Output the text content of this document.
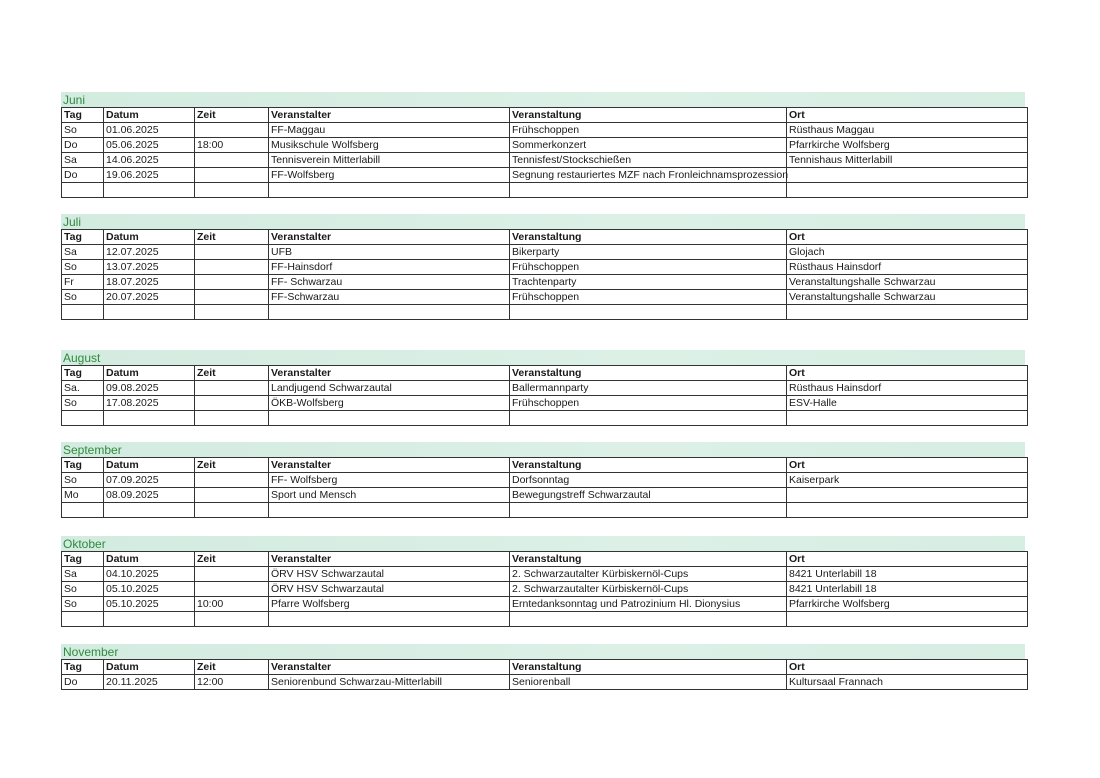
Juni
Tag	Datum	Zeit	Veranstalter	Veranstaltung	Ort
So	01.06.2025		FF-Maggau	Frühschoppen	Rüsthaus Maggau
Do	05.06.2025	18:00	Musikschule Wolfsberg	Sommerkonzert	Pfarrkirche Wolfsberg
Sa	14.06.2025		Tennisverein Mitterlabill	Tennisfest/Stockschießen	Tennishaus Mitterlabill
Do	19.06.2025		FF-Wolfsberg	Segnung restauriertes MZF nach Fronleichnamsprozession	

Juli
Tag	Datum	Zeit	Veranstalter	Veranstaltung	Ort
Sa	12.07.2025		UFB	Bikerparty	Glojach
So	13.07.2025		FF-Hainsdorf	Frühschoppen	Rüsthaus Hainsdorf
Fr	18.07.2025		FF- Schwarzau	Trachtenparty	Veranstaltungshalle Schwarzau
So	20.07.2025		FF-Schwarzau	Frühschoppen	Veranstaltungshalle Schwarzau

August
Tag	Datum	Zeit	Veranstalter	Veranstaltung	Ort
Sa.	09.08.2025		Landjugend Schwarzautal	Ballermannparty	Rüsthaus Hainsdorf
So	17.08.2025		ÖKB-Wolfsberg	Frühschoppen	ESV-Halle

September
Tag	Datum	Zeit	Veranstalter	Veranstaltung	Ort
So	07.09.2025		FF- Wolfsberg	Dorfsonntag	Kaiserpark
Mo	08.09.2025		Sport und Mensch	Bewegungstreff Schwarzautal	

Oktober
Tag	Datum	Zeit	Veranstalter	Veranstaltung	Ort
Sa	04.10.2025		ÖRV HSV Schwarzautal	2. Schwarzautalter Kürbiskernöl-Cups	8421 Unterlabill 18
So	05.10.2025		ÖRV HSV Schwarzautal	2. Schwarzautalter Kürbiskernöl-Cups	8421 Unterlabill 18
So	05.10.2025	10:00	Pfarre Wolfsberg	Erntedanksonntag und Patrozinium Hl. Dionysius	Pfarrkirche Wolfsberg

November
Tag	Datum	Zeit	Veranstalter	Veranstaltung	Ort
Do	20.11.2025	12:00	Seniorenbund Schwarzau-Mitterlabill	Seniorenball	Kultursaal Frannach
